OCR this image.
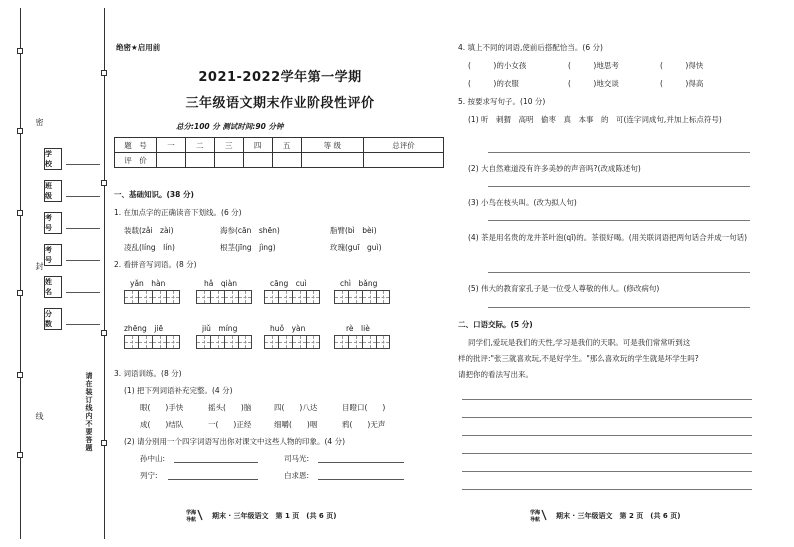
密
封
线
学 校
班 级
考 号
考 号
姓 名
分 数
请在装订线内不要答题
绝密★启用前
2021-2022学年第一学期
三年级语文期末作业阶段性评价
总分:100 分 测试时间:90 分钟
题　号	一	二	三	四	五	等 级	总评价
评　价							
一、基础知识。(38 分)
1. 在加点字的正确读音下划线。(6 分)
装载(zǎi　zài)	海参(cān　shēn)	脂臂(bì　bèi)
凌乱(líng　lín)	根茎(jīng　jìng)	玫瑰(guī　guì)
2. 看拼音写词语。(8 分)
yǎn　hàn	hǎ　qiàn	cāng　cuì	chì　bǎng
zhēng　jiē	jiǔ　míng	huǒ　yàn	rè　liè
3. 词语训练。(8 分)
(1) 把下列词语补充完整。(4 分)
眼(　　)手快	摇头(　　)脑	四(　　)八达	目瞪口(　　)
成(　　)结队	一(　　)正经	细嚼(　　)咽	鸦(　　)无声
(2) 请分别用一个四字词语写出你对课文中这些人物的印象。(4 分)
孙中山:	司马光:
列宁:	白求恩:
学海
导航 期末 · 三年级语文　第 1 页　(共 6 页)
4. 填上不同的词语,使前后搭配恰当。(6 分)
(　　　)的小女孩	(　　　)地思考	(　　　)得快
(　　　)的衣服	(　　　)地交谈	(　　　)得高
5. 按要求写句子。(10 分)
(1) 听　刺猬　高明　偷枣　真　本事　的　可(连字词成句,并加上标点符号)
(2) 大自然难道没有许多美妙的声音吗?(改成陈述句)
(3) 小鸟在枝头叫。(改为拟人句)
(4) 茶是用名贵的龙井茶叶泡(qī)的。茶很好喝。(用关联词语把两句话合并成一句话)
(5) 伟大的教育家孔子是一位受人尊敬的伟人。(修改病句)
二、口语交际。(5 分)
同学们,爱玩是我们的天性,学习是我们的天职。可是我们常常听到这
样的批评:"张三就喜欢玩,不是好学生。"那么喜欢玩的学生就是坏学生吗?
请把你的看法写出来。
学海
导航 期末 · 三年级语文　第 2 页　(共 6 页)
